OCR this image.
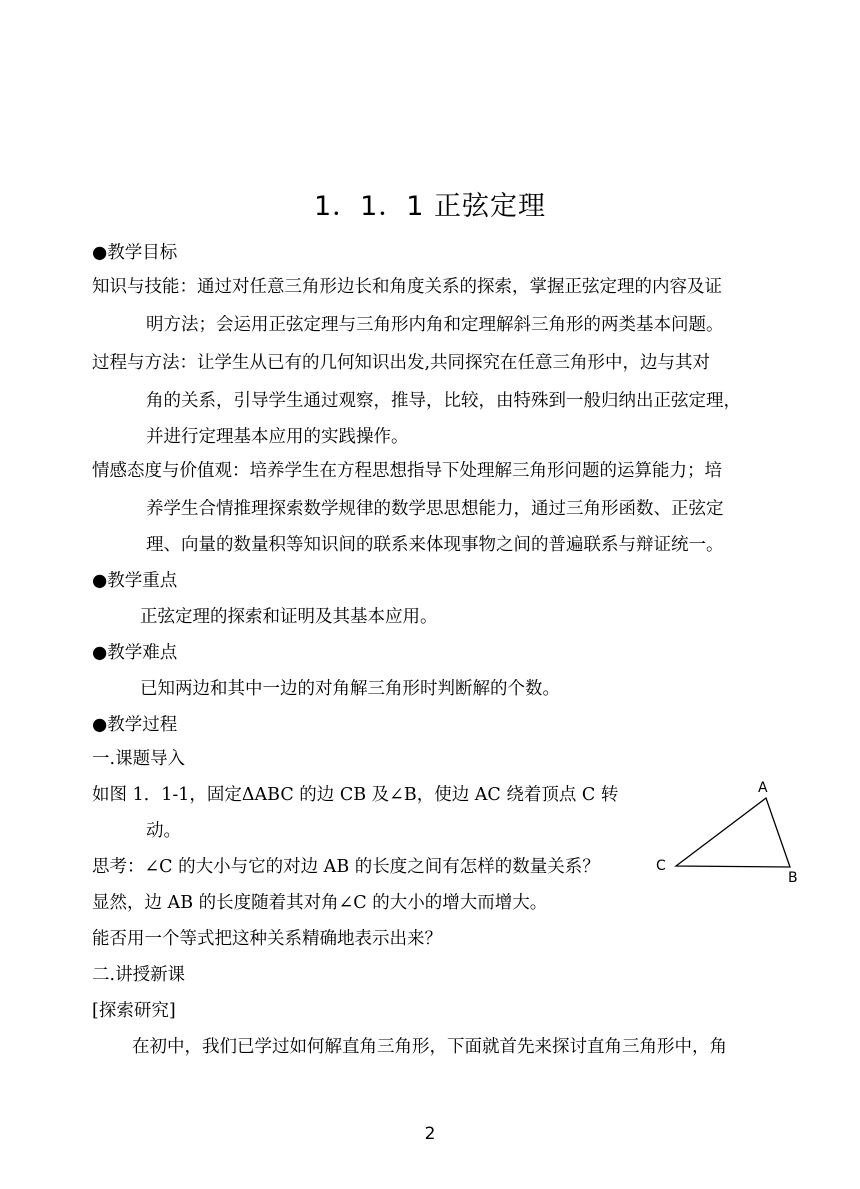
1．1．1 正弦定理
●教学目标
知识与技能：通过对任意三角形边长和角度关系的探索，掌握正弦定理的内容及证
明方法；会运用正弦定理与三角形内角和定理解斜三角形的两类基本问题。
过程与方法：让学生从已有的几何知识出发,共同探究在任意三角形中，边与其对
角的关系，引导学生通过观察，推导，比较，由特殊到一般归纳出正弦定理，
并进行定理基本应用的实践操作。
情感态度与价值观：培养学生在方程思想指导下处理解三角形问题的运算能力；培
养学生合情推理探索数学规律的数学思思想能力，通过三角形函数、正弦定
理、向量的数量积等知识间的联系来体现事物之间的普遍联系与辩证统一。
●教学重点
正弦定理的探索和证明及其基本应用。
●教学难点
已知两边和其中一边的对角解三角形时判断解的个数。
●教学过程
一.课题导入
如图 1．1-1，固定ΔABC 的边 CB 及∠B，使边 AC 绕着顶点 C 转
动。
思考：∠C 的大小与它的对边 AB 的长度之间有怎样的数量关系？
显然，边 AB 的长度随着其对角∠C 的大小的增大而增大。
能否用一个等式把这种关系精确地表示出来？
二.讲授新课
[探索研究]
在初中，我们已学过如何解直角三角形，下面就首先来探讨直角三角形中，角
A
B
C
2
